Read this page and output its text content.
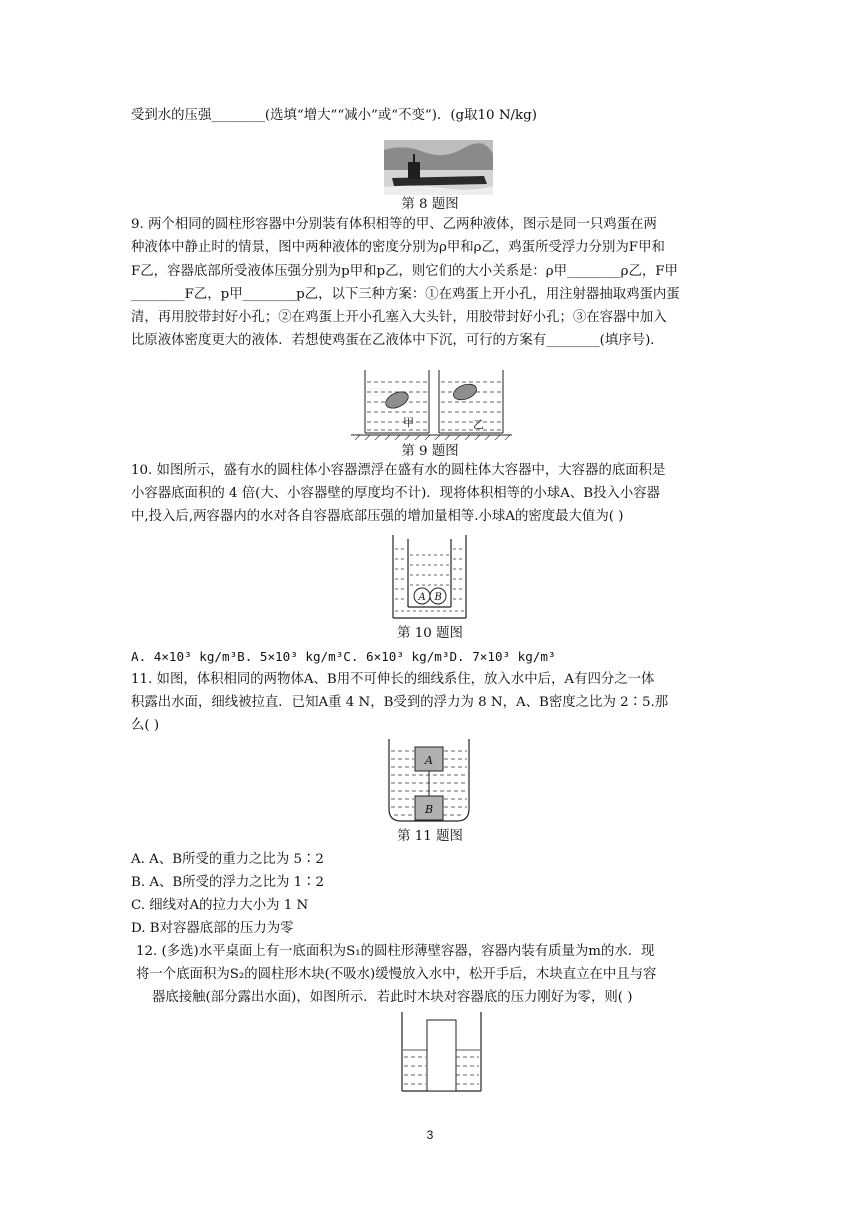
受到水的压强________(选填“增大”“减小”或“不变”)．(g取10 N/kg)
第 8 题图
9. 两个相同的圆柱形容器中分别装有体积相等的甲、乙两种液体，图示是同一只鸡蛋在两
种液体中静止时的情景，图中两种液体的密度分别为ρ甲和ρ乙，鸡蛋所受浮力分别为F甲和
F乙，容器底部所受液体压强分别为p甲和p乙，则它们的大小关系是：ρ甲________ρ乙，F甲
________F乙，p甲________p乙，以下三种方案：①在鸡蛋上开小孔，用注射器抽取鸡蛋内蛋
清，再用胶带封好小孔；②在鸡蛋上开小孔塞入大头针，用胶带封好小孔；③在容器中加入
比原液体密度更大的液体．若想使鸡蛋在乙液体中下沉，可行的方案有________(填序号)．
甲	乙
第 9 题图
10. 如图所示，盛有水的圆柱体小容器漂浮在盛有水的圆柱体大容器中，大容器的底面积是
小容器底面积的 4 倍(大、小容器壁的厚度均不计)．现将体积相等的小球A、B投入小容器
中,投入后,两容器内的水对各自容器底部压强的增加量相等.小球A的密度最大值为( )
A B
第 10 题图
A. 4×10³ kg/m³B. 5×10³ kg/m³C. 6×10³ kg/m³D. 7×10³ kg/m³
11. 如图，体积相同的两物体A、B用不可伸长的细线系住，放入水中后，A有四分之一体
积露出水面，细线被拉直．已知A重 4 N，B受到的浮力为 8 N，A、B密度之比为 2∶5.那
么( )
A
B
第 11 题图
A. A、B所受的重力之比为 5∶2
B. A、B所受的浮力之比为 1∶2
C. 细线对A的拉力大小为 1 N
D. B对容器底部的压力为零
12. (多选)水平桌面上有一底面积为S₁的圆柱形薄壁容器，容器内装有质量为m的水．现
将一个底面积为S₂的圆柱形木块(不吸水)缓慢放入水中，松开手后，木块直立在中且与容
器底接触(部分露出水面)，如图所示．若此时木块对容器底的压力刚好为零，则( )
3
